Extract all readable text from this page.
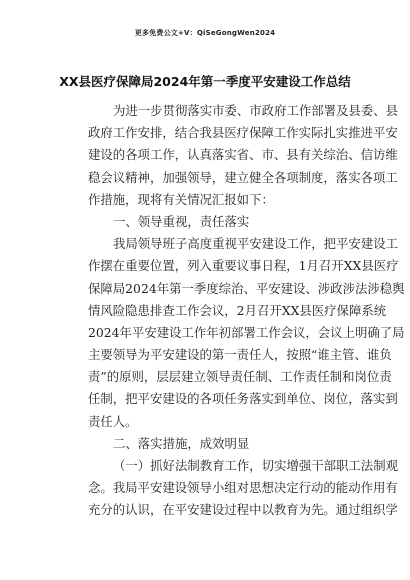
更多免费公文+V：QiSeGongWen2024
XX县医疗保障局2024年第一季度平安建设工作总结
为进一步贯彻落实市委、市政府工作部署及县委、县
政府工作安排，结合我县医疗保障工作实际扎实推进平安
建设的各项工作，认真落实省、市、县有关综治、信访维
稳会议精神，加强领导，建立健全各项制度，落实各项工
作措施，现将有关情况汇报如下：
一、领导重视，责任落实
我局领导班子高度重视平安建设工作，把平安建设工
作摆在重要位置，列入重要议事日程，1月召开XX县医疗
保障局2024年第一季度综治、平安建设、涉政涉法涉稳舆
情风险隐患排查工作会议，2月召开XX县医疗保障系统
2024年平安建设工作年初部署工作会议，会议上明确了局
主要领导为平安建设的第一责任人，按照“谁主管、谁负
责”的原则，层层建立领导责任制、工作责任制和岗位责
任制，把平安建设的各项任务落实到单位、岗位，落实到
责任人。
二、落实措施，成效明显
（一）抓好法制教育工作，切实增强干部职工法制观
念。我局平安建设领导小组对思想决定行动的能动作用有
充分的认识，在平安建设过程中以教育为先。通过组织学
